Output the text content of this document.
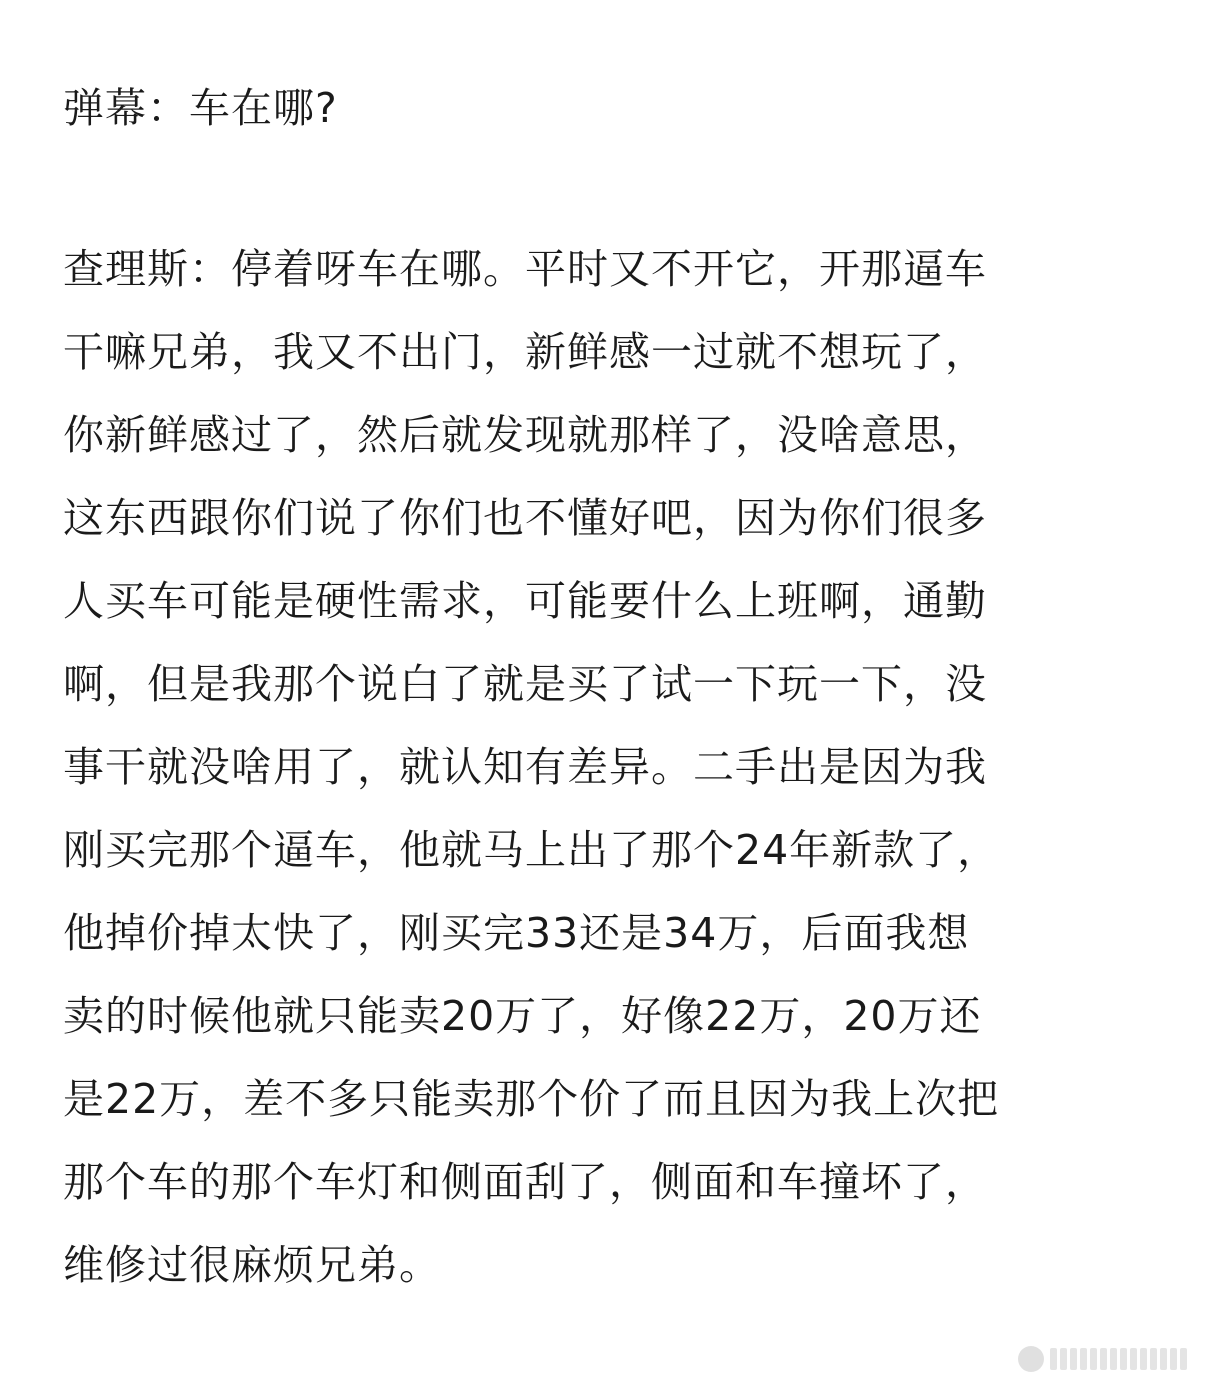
弹幕：车在哪?
查理斯：停着呀车在哪。平时又不开它，开那逼车
干嘛兄弟，我又不出门，新鲜感一过就不想玩了，
你新鲜感过了，然后就发现就那样了，没啥意思，
这东西跟你们说了你们也不懂好吧，因为你们很多
人买车可能是硬性需求，可能要什么上班啊，通勤
啊，但是我那个说白了就是买了试一下玩一下，没
事干就没啥用了，就认知有差异。二手出是因为我
刚买完那个逼车，他就马上出了那个24年新款了，
他掉价掉太快了，刚买完33还是34万，后面我想
卖的时候他就只能卖20万了，好像22万，20万还
是22万，差不多只能卖那个价了而且因为我上次把
那个车的那个车灯和侧面刮了，侧面和车撞坏了，
维修过很麻烦兄弟。
